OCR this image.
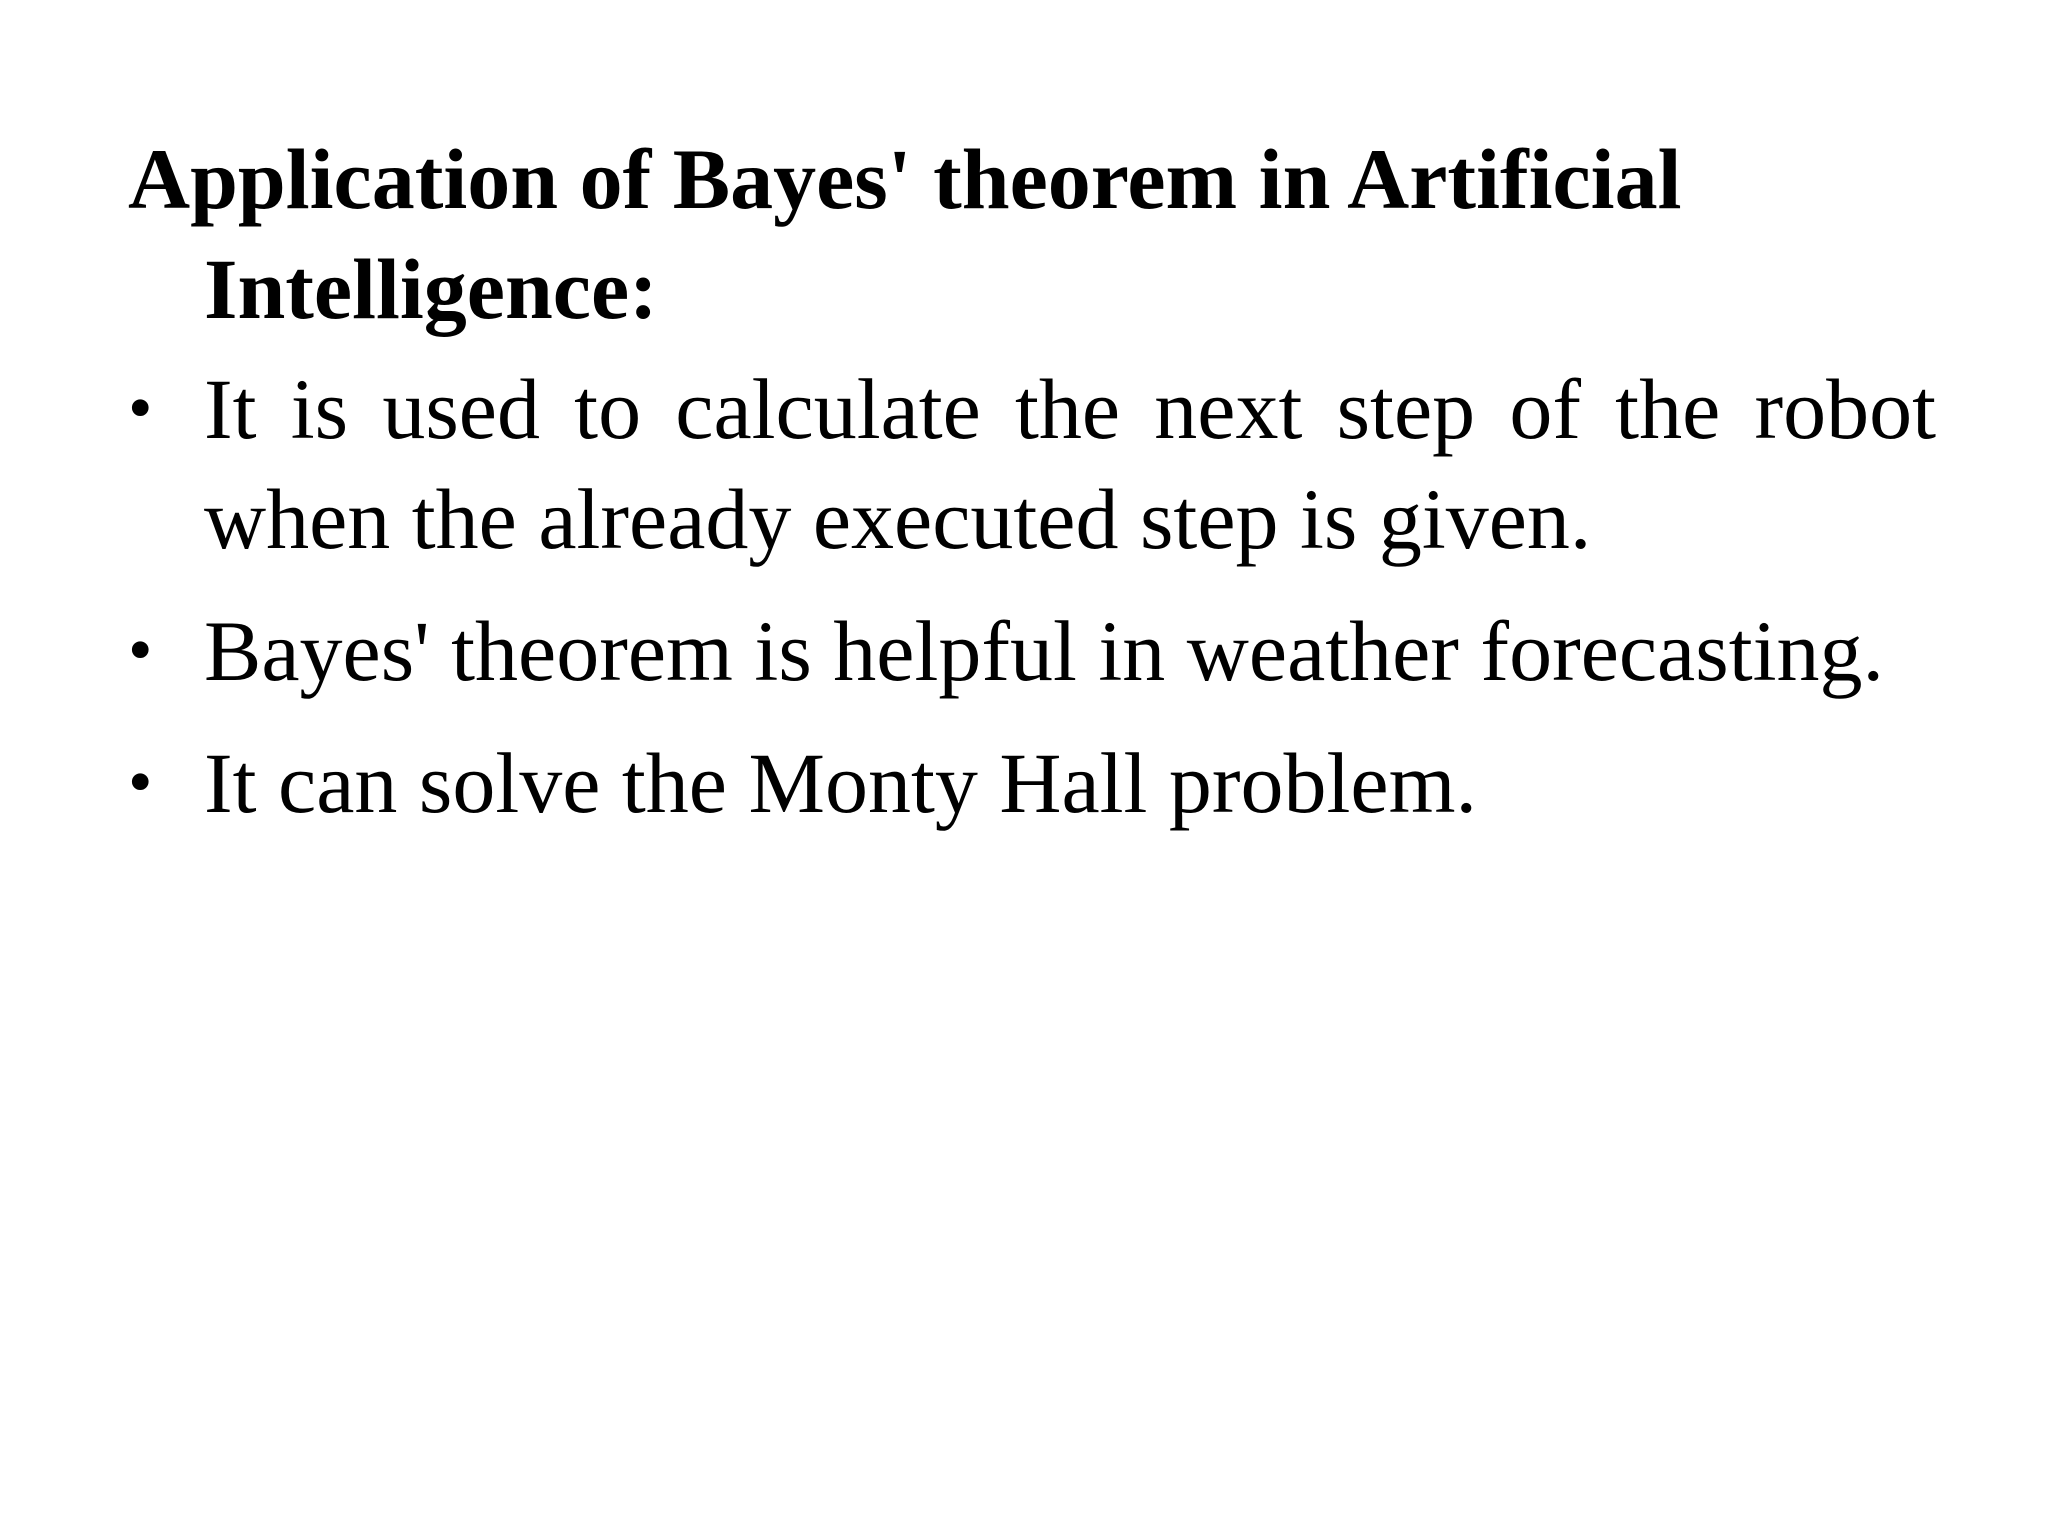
Application of Bayes' theorem in Artificial Intelligence:
• It is used to calculate the next step of the robot when the already executed step is given.
• Bayes' theorem is helpful in weather forecasting.
• It can solve the Monty Hall problem.
